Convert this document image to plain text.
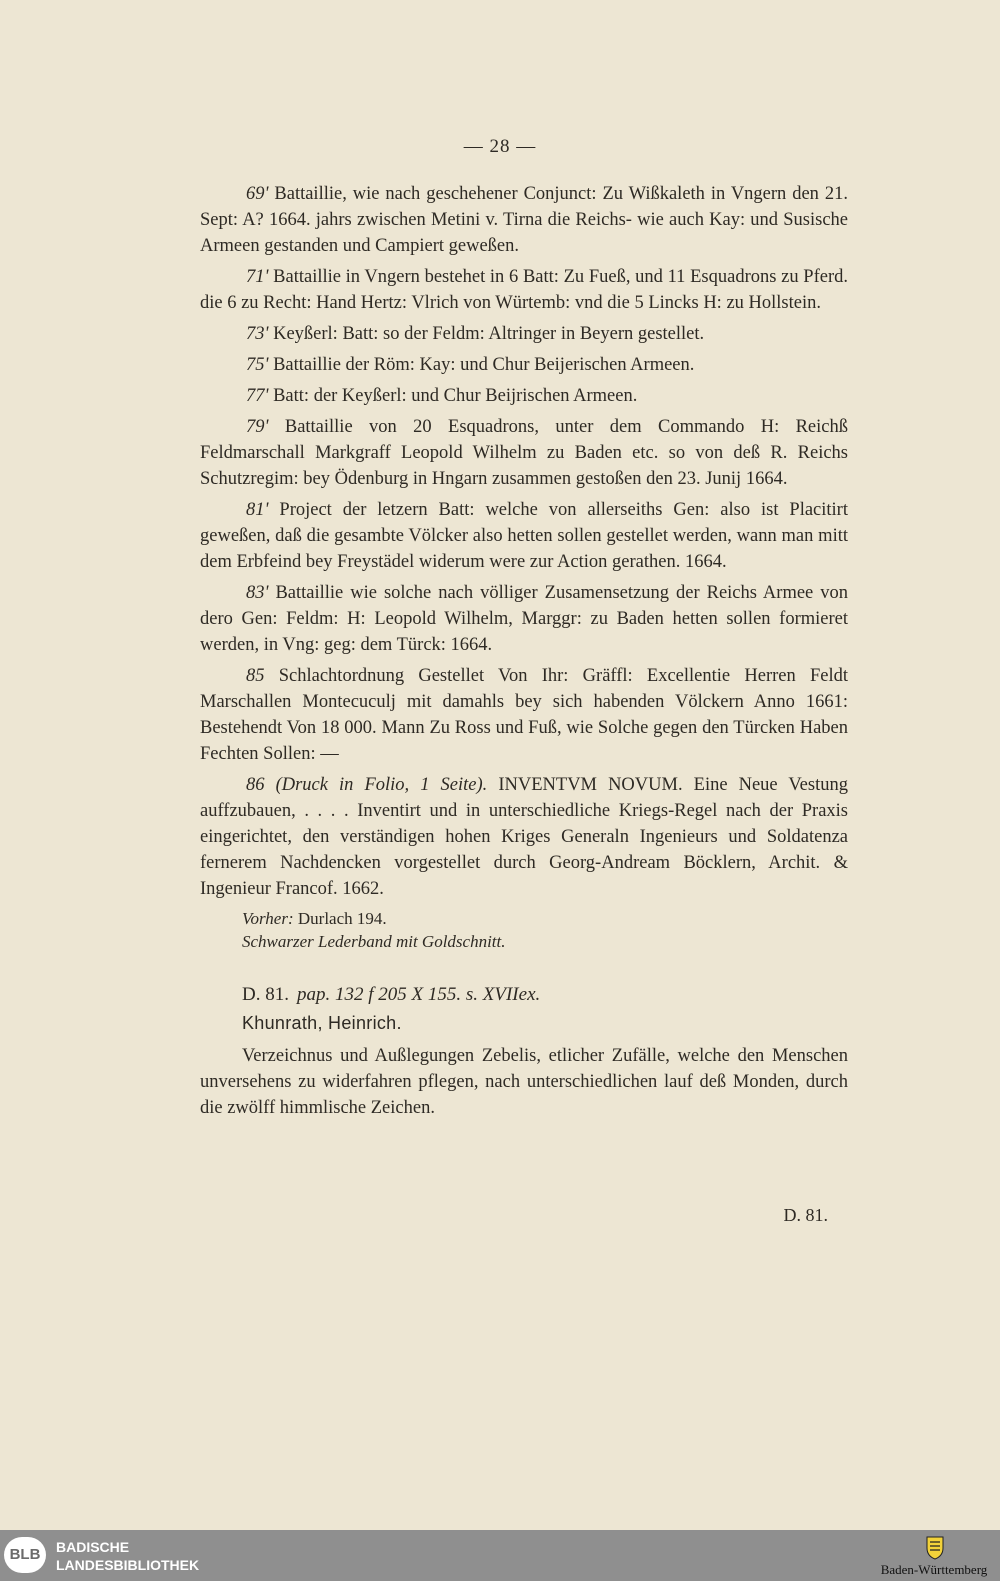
— 28 —

69' Battaillie, wie nach geschehener Conjunct: Zu Wißkaleth in Vngern den 21. Sept: A? 1664. jahrs zwischen Metini v. Tirna die Reichs- wie auch Kay: und Susische Armeen gestanden und Campiert geweßen.

71' Battaillie in Vngern bestehet in 6 Batt: Zu Fueß, und 11 Esquadrons zu Pferd. die 6 zu Recht: Hand Hertz: Vlrich von Würtemb: vnd die 5 Lincks H: zu Hollstein.

73' Keyßerl: Batt: so der Feldm: Altringer in Beyern gestellet.

75' Battaillie der Röm: Kay: und Chur Beijerischen Armeen.

77' Batt: der Keyßerl: und Chur Beijrischen Armeen.

79' Battaillie von 20 Esquadrons, unter dem Commando H: Reichß Feldmarschall Markgraff Leopold Wilhelm zu Baden etc. so von deß R. Reichs Schutzregim: bey Ödenburg in Hngarn zusammen gestoßen den 23. Junij 1664.

81' Project der letzern Batt: welche von allerseiths Gen: also ist Placitirt geweßen, daß die gesambte Völcker also hetten sollen gestellet werden, wann man mitt dem Erbfeind bey Freystädel widerum were zur Action gerathen. 1664.

83' Battaillie wie solche nach völliger Zusamensetzung der Reichs Armee von dero Gen: Feldm: H: Leopold Wilhelm, Marggr: zu Baden hetten sollen formieret werden, in Vng: geg: dem Türck: 1664.

85 Schlachtordnung Gestellet Von Ihr: Gräffl: Excellentie Herren Feldt Marschallen Montecuculj mit damahls bey sich habenden Völckern Anno 1661: Bestehendt Von 18 000. Mann Zu Ross und Fuß, wie Solche gegen den Türcken Haben Fechten Sollen: —

86 (Druck in Folio, 1 Seite). INVENTVM NOVUM. Eine Neue Vestung auffzubauen, . . . . Inventirt und in unterschiedliche Kriegs-Regel nach der Praxis eingerichtet, den verständigen hohen Kriges Generaln Ingenieurs und Soldatenza fernerem Nachdencken vorgestellet durch Georg-Andream Böcklern, Archit. & Ingenieur Francof. 1662.

Vorher: Durlach 194.

Schwarzer Lederband mit Goldschnitt.

D. 81. pap. 132 f 205 X 155. s. XVIIex.
Khunrath, Heinrich.

Verzeichnus und Außlegungen Zebelis, etlicher Zufälle, welche den Menschen unversehens zu widerfahren pflegen, nach unterschiedlichen lauf deß Monden, durch die zwölff himmlische Zeichen.

D. 81.
BLB	BADISCHE
LANDESBIBLIOTHEK	Baden-Württemberg
